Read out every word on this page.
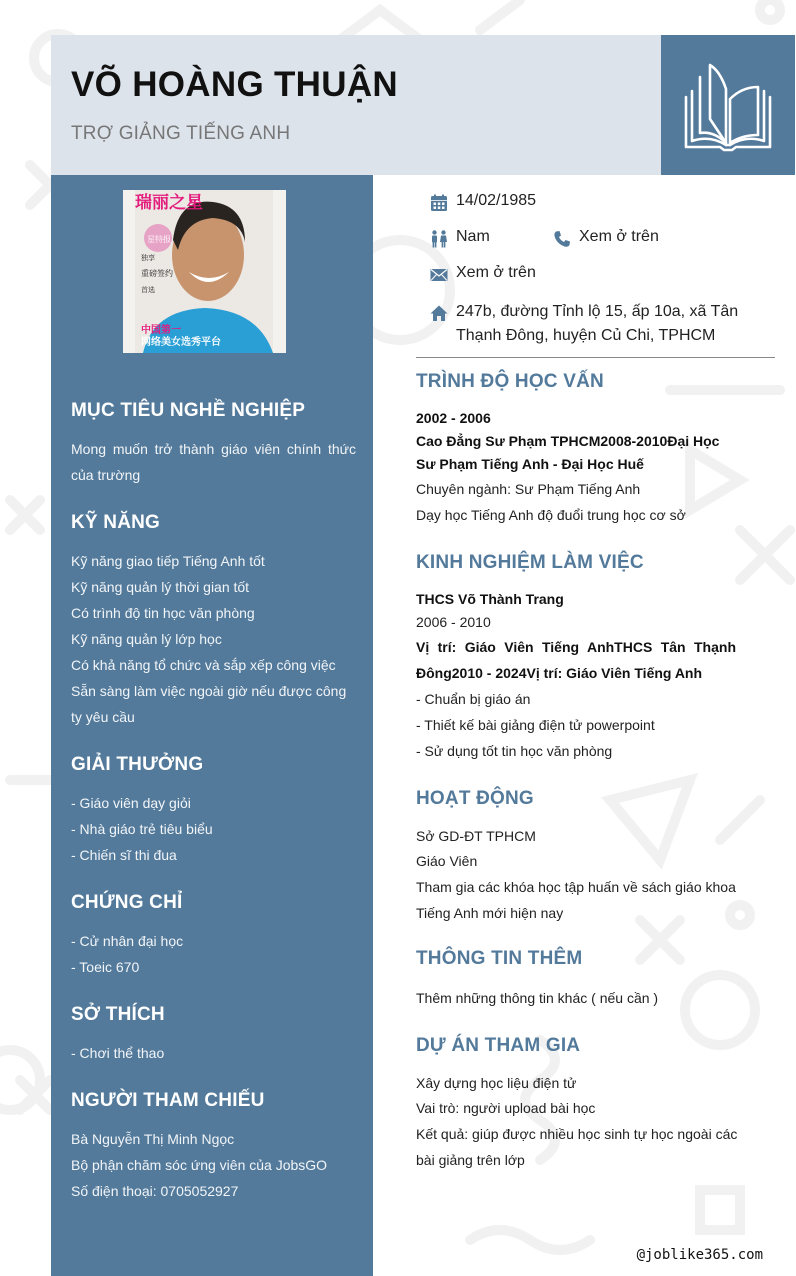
VÕ HOÀNG THUẬN
TRỢ GIẢNG TIẾNG ANH
瑞丽之星
星特报
独享
重磅签约
首选
中国第一
网络美女选秀平台
MỤC TIÊU NGHỀ NGHIỆP
Mong muốn trở thành giáo viên chính thức của trường
KỸ NĂNG
Kỹ năng giao tiếp Tiếng Anh tốt
Kỹ năng quản lý thời gian tốt
Có trình độ tin học văn phòng
Kỹ năng quản lý lớp học
Có khả năng tổ chức và sắp xếp công việc
Sẵn sàng làm việc ngoài giờ nếu được công ty yêu cầu
GIẢI THƯỞNG
- Giáo viên dạy giỏi
- Nhà giáo trẻ tiêu biểu
- Chiến sĩ thi đua
CHỨNG CHỈ
- Cử nhân đại học
- Toeic 670
SỞ THÍCH
- Chơi thể thao
NGƯỜI THAM CHIẾU
Bà Nguyễn Thị Minh Ngọc
Bộ phận chăm sóc ứng viên của JobsGO
Số điện thoại: 0705052927
14/02/1985
Nam	Xem ở trên
Xem ở trên
247b, đường Tỉnh lộ 15, ấp 10a, xã Tân Thạnh Đông, huyện Củ Chi, TPHCM
TRÌNH ĐỘ HỌC VẤN
2002 - 2006
Cao Đẳng Sư Phạm TPHCM2008-2010Đại Học Sư Phạm Tiếng Anh - Đại Học Huế
Chuyên ngành: Sư Phạm Tiếng Anh
Dạy học Tiếng Anh độ đuổi trung học cơ sở
KINH NGHIỆM LÀM VIỆC
THCS Võ Thành Trang
2006 - 2010
Vị trí: Giáo Viên Tiếng AnhTHCS Tân Thạnh Đông2010 - 2024Vị trí: Giáo Viên Tiếng Anh
- Chuẩn bị giáo án
- Thiết kế bài giảng điện tử powerpoint
- Sử dụng tốt tin học văn phòng
HOẠT ĐỘNG
Sở GD-ĐT TPHCM
Giáo Viên
Tham gia các khóa học tập huấn về sách giáo khoa Tiếng Anh mới hiện nay
THÔNG TIN THÊM
Thêm những thông tin khác ( nếu cần )
DỰ ÁN THAM GIA
Xây dựng học liệu điện tử
Vai trò: người upload bài học
Kết quả: giúp được nhiều học sinh tự học ngoài các bài giảng trên lớp
@joblike365.com
